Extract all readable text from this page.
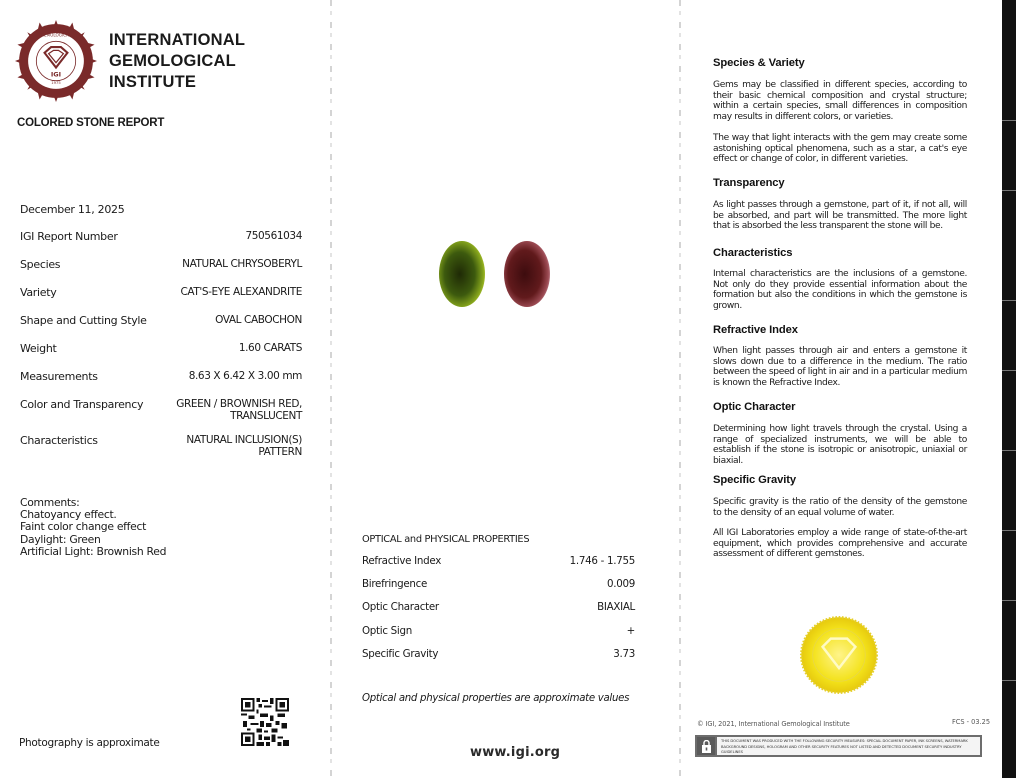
GEMOLOGICAL
IGI
1975
INTERNATIONAL
GEMOLOGICAL
INSTITUTE
COLORED STONE REPORT
December 11, 2025
IGI Report Number	750561034
Species	NATURAL CHRYSOBERYL
Variety	CAT'S-EYE ALEXANDRITE
Shape and Cutting Style	OVAL CABOCHON
Weight	1.60 CARATS
Measurements	8.63 X 6.42 X 3.00 mm
Color and Transparency	GREEN / BROWNISH RED,
TRANSLUCENT
Characteristics	NATURAL INCLUSION(S)
PATTERN
Comments:
Chatoyancy effect.
Faint color change effect
Daylight: Green
Artificial Light: Brownish Red
Photography is approximate
OPTICAL and PHYSICAL PROPERTIES
Refractive Index	1.746 - 1.755
Birefringence	0.009
Optic Character	BIAXIAL
Optic Sign	+
Specific Gravity	3.73
Optical and physical properties are approximate values
www.igi.org
Species & Variety
Gems may be classified in different species, according to their basic chemical composition and crystal structure; within a certain species, small differences in composition may results in different colors, or varieties.
The way that light interacts with the gem may create some astonishing optical phenomena, such as a star, a cat's eye effect or change of color, in different varieties.
Transparency
As light passes through a gemstone, part of it, if not all, will be absorbed, and part will be transmitted. The more light that is absorbed the less transparent the stone will be.
Characteristics
Internal characteristics are the inclusions of a gemstone. Not only do they provide essential information about the formation but also the conditions in which the gemstone is grown.
Refractive Index
When light passes through air and enters a gemstone it slows down due to a difference in the medium. The ratio between the speed of light in air and in a particular medium is known the Refractive Index.
Optic Character
Determining how light travels through the crystal. Using a range of specialized instruments, we will be able to establish if the stone is isotropic or anisotropic, uniaxial or biaxial.
Specific Gravity
Specific gravity is the ratio of the density of the gemstone to the density of an equal volume of water.
All IGI Laboratories employ a wide range of state-of-the-art equipment, which provides comprehensive and accurate assessment of different gemstones.
© IGI, 2021, International Gemological Institute	FCS - 03.25
THIS DOCUMENT WAS PRODUCED WITH THE FOLLOWING SECURITY MEASURES: SPECIAL DOCUMENT PAPER, INK SCREENS, WATERMARK BACKGROUND DESIGNS, HOLOGRAM AND OTHER SECURITY FEATURES NOT LISTED AND DETECTED DOCUMENT SECURITY INDUSTRY GUIDELINES
